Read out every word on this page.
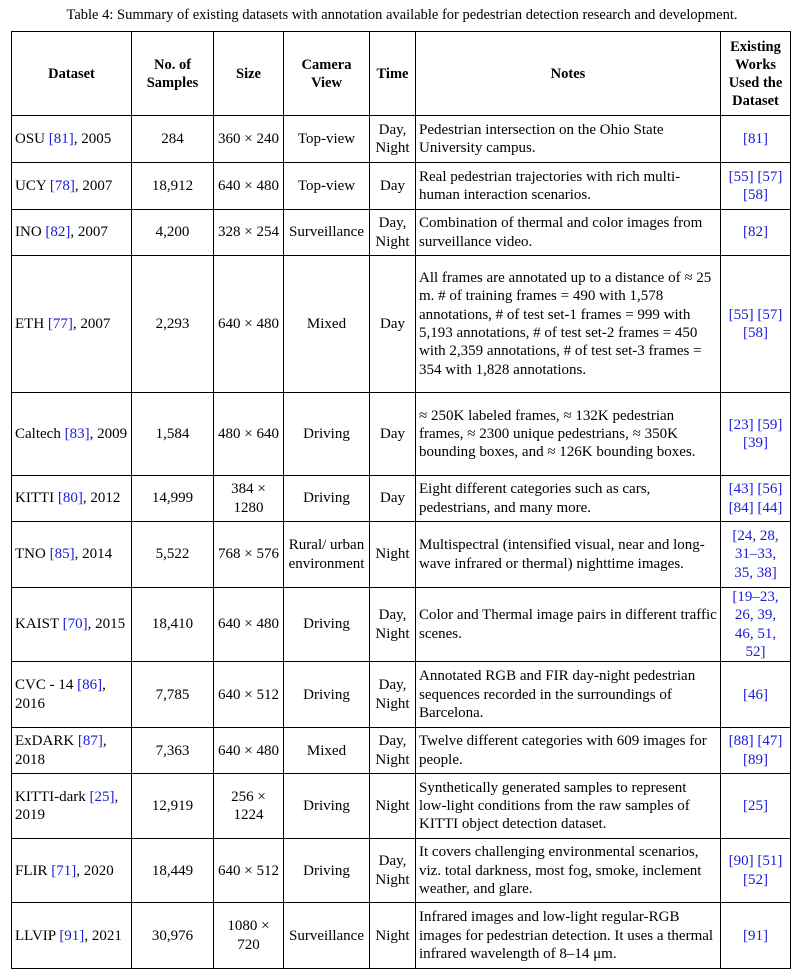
Table 4: Summary of existing datasets with annotation available for pedestrian detection research and development.
Dataset	No. of Samples	Size	Camera View	Time	Notes	Existing Works Used the Dataset
OSU [81], 2005	284	360 × 240	Top-view	Day, Night	Pedestrian intersection on the Ohio State University campus.	[81]
UCY [78], 2007	18,912	640 × 480	Top-view	Day	Real pedestrian trajectories with rich multi-human interaction scenarios.	[55] [57] [58]
INO [82], 2007	4,200	328 × 254	Surveillance	Day, Night	Combination of thermal and color images from surveillance video.	[82]
ETH [77], 2007	2,293	640 × 480	Mixed	Day	All frames are annotated up to a distance of ≈ 25 m. # of training frames = 490 with 1,578 annotations, # of test set-1 frames = 999 with 5,193 annotations, # of test set-2 frames = 450 with 2,359 annotations, # of test set-3 frames = 354 with 1,828 annotations.	[55] [57] [58]
Caltech [83], 2009	1,584	480 × 640	Driving	Day	≈ 250K labeled frames, ≈ 132K pedestrian frames, ≈ 2300 unique pedestrians, ≈ 350K bounding boxes, and ≈ 126K bounding boxes.	[23] [59] [39]
KITTI [80], 2012	14,999	384 × 1280	Driving	Day	Eight different categories such as cars, pedestrians, and many more.	[43] [56] [84] [44]
TNO [85], 2014	5,522	768 × 576	Rural/ urban environment	Night	Multispectral (intensified visual, near and long-wave infrared or thermal) nighttime images.	[24, 28, 31–33, 35, 38]
KAIST [70], 2015	18,410	640 × 480	Driving	Day, Night	Color and Thermal image pairs in different traffic scenes.	[19–23, 26, 39, 46, 51, 52]
CVC - 14 [86], 2016	7,785	640 × 512	Driving	Day, Night	Annotated RGB and FIR day-night pedestrian sequences recorded in the surroundings of Barcelona.	[46]
ExDARK [87], 2018	7,363	640 × 480	Mixed	Day, Night	Twelve different categories with 609 images for people.	[88] [47] [89]
KITTI-dark [25], 2019	12,919	256 × 1224	Driving	Night	Synthetically generated samples to represent low-light conditions from the raw samples of KITTI object detection dataset.	[25]
FLIR [71], 2020	18,449	640 × 512	Driving	Day, Night	It covers challenging environmental scenarios, viz. total darkness, most fog, smoke, inclement weather, and glare.	[90] [51] [52]
LLVIP [91], 2021	30,976	1080 × 720	Surveillance	Night	Infrared images and low-light regular-RGB images for pedestrian detection. It uses a thermal infrared wavelength of 8–14 μm.	[91]
